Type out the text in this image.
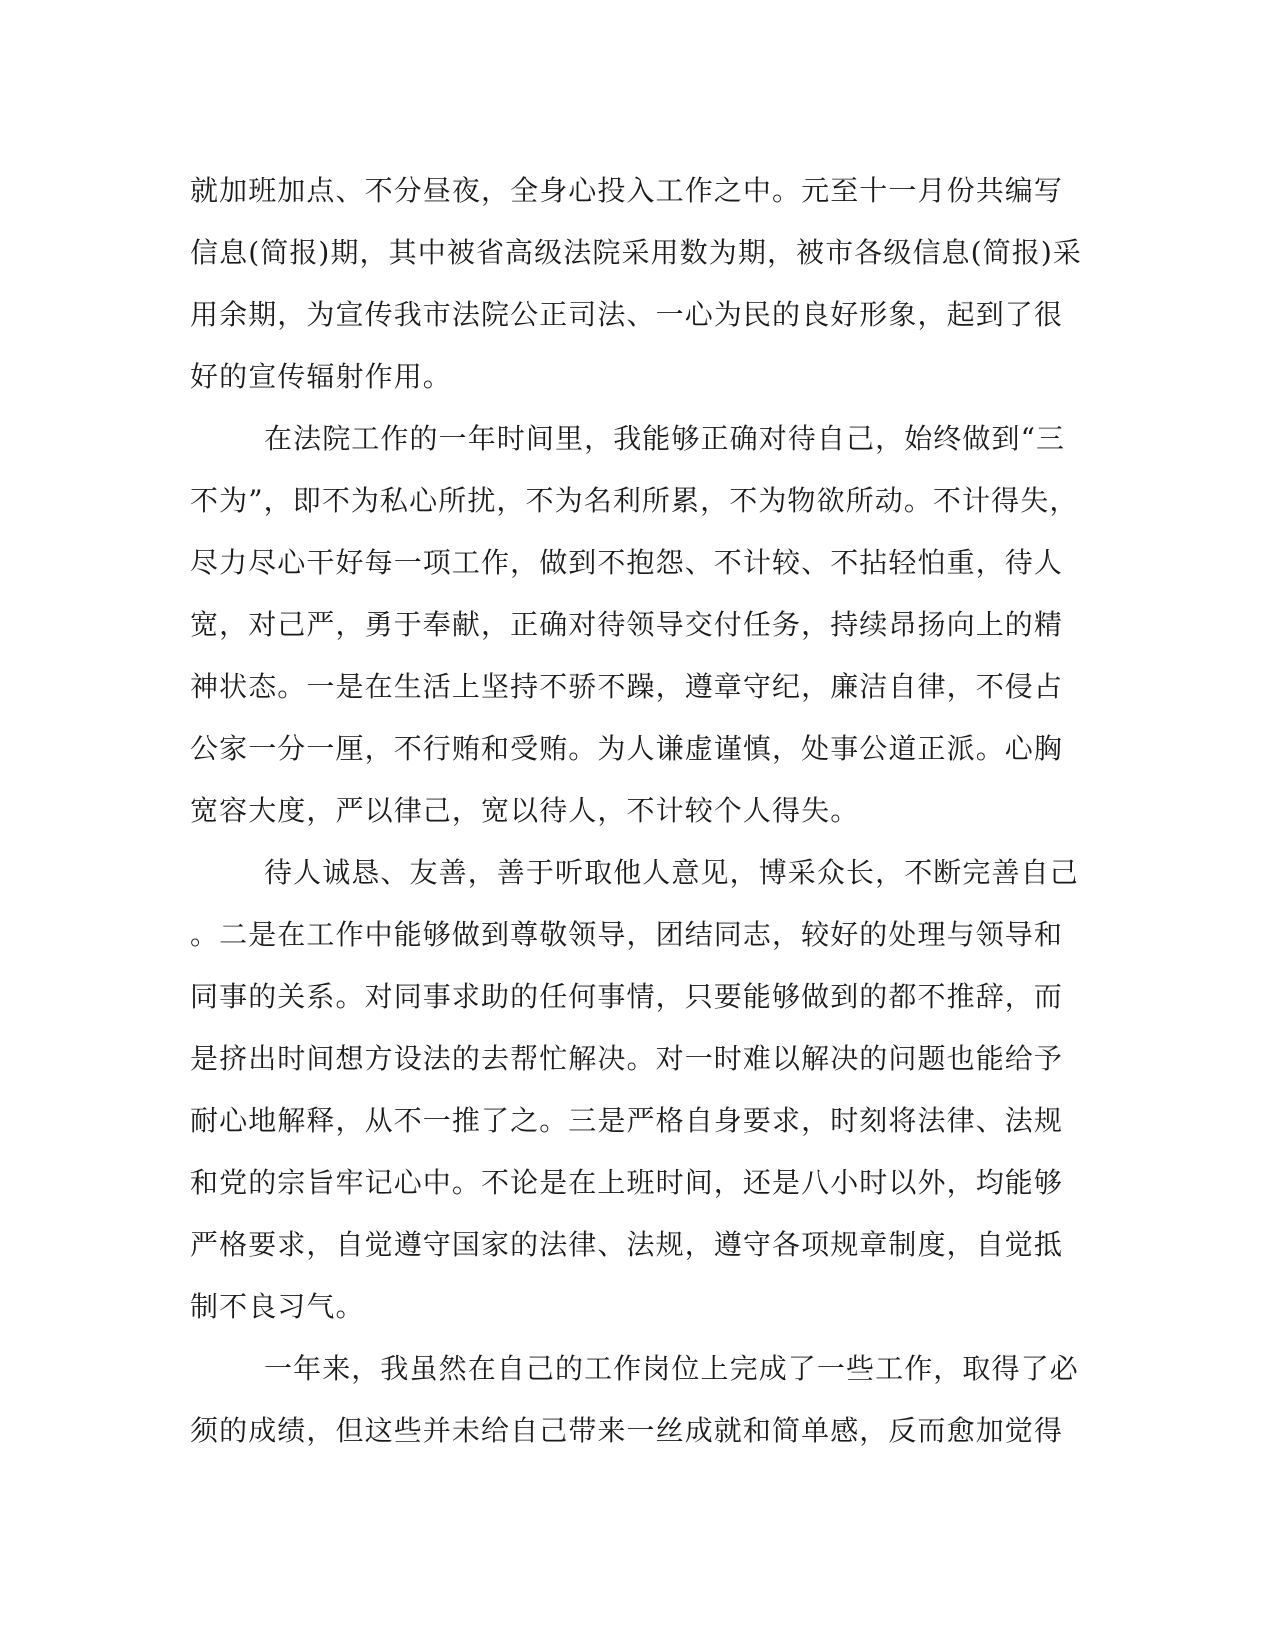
就加班加点、不分昼夜，全身心投入工作之中。元至十一月份共编写
信息(简报)期，其中被省高级法院采用数为期，被市各级信息(简报)采
用余期，为宣传我市法院公正司法、一心为民的良好形象，起到了很
好的宣传辐射作用。
在法院工作的一年时间里，我能够正确对待自己，始终做到“三
不为”，即不为私心所扰，不为名利所累，不为物欲所动。不计得失，
尽力尽心干好每一项工作，做到不抱怨、不计较、不拈轻怕重，待人
宽，对己严，勇于奉献，正确对待领导交付任务，持续昂扬向上的精
神状态。一是在生活上坚持不骄不躁，遵章守纪，廉洁自律，不侵占
公家一分一厘，不行贿和受贿。为人谦虚谨慎，处事公道正派。心胸
宽容大度，严以律己，宽以待人，不计较个人得失。
待人诚恳、友善，善于听取他人意见，博采众长，不断完善自己
。二是在工作中能够做到尊敬领导，团结同志，较好的处理与领导和
同事的关系。对同事求助的任何事情，只要能够做到的都不推辞，而
是挤出时间想方设法的去帮忙解决。对一时难以解决的问题也能给予
耐心地解释，从不一推了之。三是严格自身要求，时刻将法律、法规
和党的宗旨牢记心中。不论是在上班时间，还是八小时以外，均能够
严格要求，自觉遵守国家的法律、法规，遵守各项规章制度，自觉抵
制不良习气。
一年来，我虽然在自己的工作岗位上完成了一些工作，取得了必
须的成绩，但这些并未给自己带来一丝成就和简单感，反而愈加觉得
